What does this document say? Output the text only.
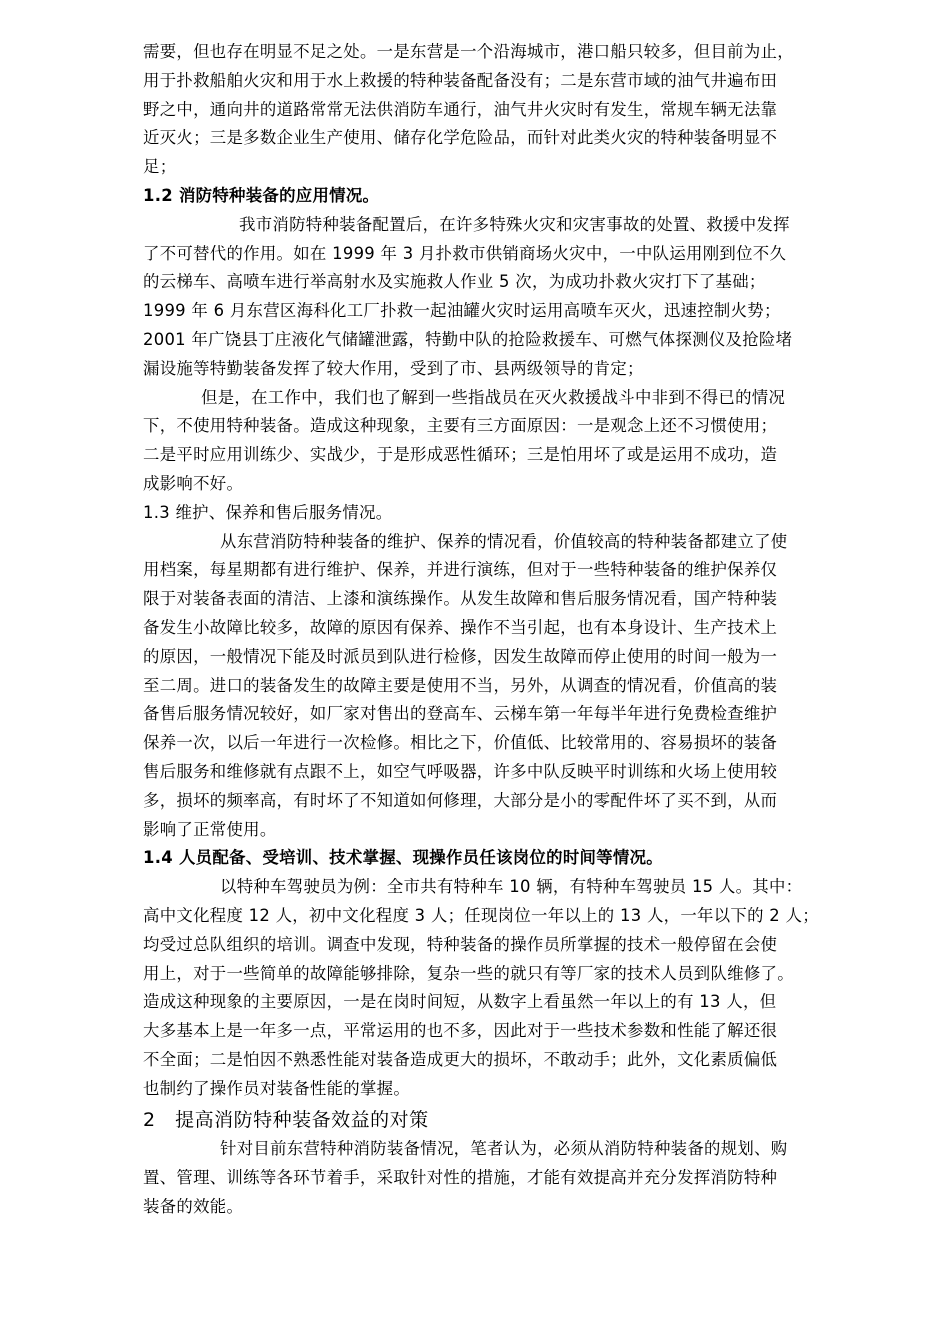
需要，但也存在明显不足之处。一是东营是一个沿海城市，港口船只较多，但目前为止，
用于扑救船舶火灾和用于水上救援的特种装备配备没有；二是东营市域的油气井遍布田
野之中，通向井的道路常常无法供消防车通行，油气井火灾时有发生，常规车辆无法靠
近灭火；三是多数企业生产使用、储存化学危险品，而针对此类火灾的特种装备明显不
足；
1.2 消防特种装备的应用情况。
我市消防特种装备配置后，在许多特殊火灾和灾害事故的处置、救援中发挥
了不可替代的作用。如在 1999 年 3 月扑救市供销商场火灾中，一中队运用刚到位不久
的云梯车、高喷车进行举高射水及实施救人作业 5 次，为成功扑救火灾打下了基础；
1999 年 6 月东营区海科化工厂扑救一起油罐火灾时运用高喷车灭火，迅速控制火势；
2001 年广饶县丁庄液化气储罐泄露，特勤中队的抢险救援车、可燃气体探测仪及抢险堵
漏设施等特勤装备发挥了较大作用，受到了市、县两级领导的肯定；
但是，在工作中，我们也了解到一些指战员在灭火救援战斗中非到不得已的情况
下，不使用特种装备。造成这种现象，主要有三方面原因：一是观念上还不习惯使用；
二是平时应用训练少、实战少，于是形成恶性循环；三是怕用坏了或是运用不成功，造
成影响不好。
1.3 维护、保养和售后服务情况。
从东营消防特种装备的维护、保养的情况看，价值较高的特种装备都建立了使
用档案，每星期都有进行维护、保养，并进行演练，但对于一些特种装备的维护保养仅
限于对装备表面的清洁、上漆和演练操作。从发生故障和售后服务情况看，国产特种装
备发生小故障比较多，故障的原因有保养、操作不当引起，也有本身设计、生产技术上
的原因，一般情况下能及时派员到队进行检修，因发生故障而停止使用的时间一般为一
至二周。进口的装备发生的故障主要是使用不当，另外，从调查的情况看，价值高的装
备售后服务情况较好，如厂家对售出的登高车、云梯车第一年每半年进行免费检查维护
保养一次，以后一年进行一次检修。相比之下，价值低、比较常用的、容易损坏的装备
售后服务和维修就有点跟不上，如空气呼吸器，许多中队反映平时训练和火场上使用较
多，损坏的频率高，有时坏了不知道如何修理，大部分是小的零配件坏了买不到，从而
影响了正常使用。
1.4 人员配备、受培训、技术掌握、现操作员任该岗位的时间等情况。
以特种车驾驶员为例：全市共有特种车 10 辆，有特种车驾驶员 15 人。其中：
高中文化程度 12 人，初中文化程度 3 人；任现岗位一年以上的 13 人，一年以下的 2 人；
均受过总队组织的培训。调查中发现，特种装备的操作员所掌握的技术一般停留在会使
用上，对于一些简单的故障能够排除，复杂一些的就只有等厂家的技术人员到队维修了。
造成这种现象的主要原因，一是在岗时间短，从数字上看虽然一年以上的有 13 人，但
大多基本上是一年多一点，平常运用的也不多，因此对于一些技术参数和性能了解还很
不全面；二是怕因不熟悉性能对装备造成更大的损坏，不敢动手；此外，文化素质偏低
也制约了操作员对装备性能的掌握。
2　提高消防特种装备效益的对策
针对目前东营特种消防装备情况，笔者认为，必须从消防特种装备的规划、购
置、管理、训练等各环节着手，采取针对性的措施，才能有效提高并充分发挥消防特种
装备的效能。
